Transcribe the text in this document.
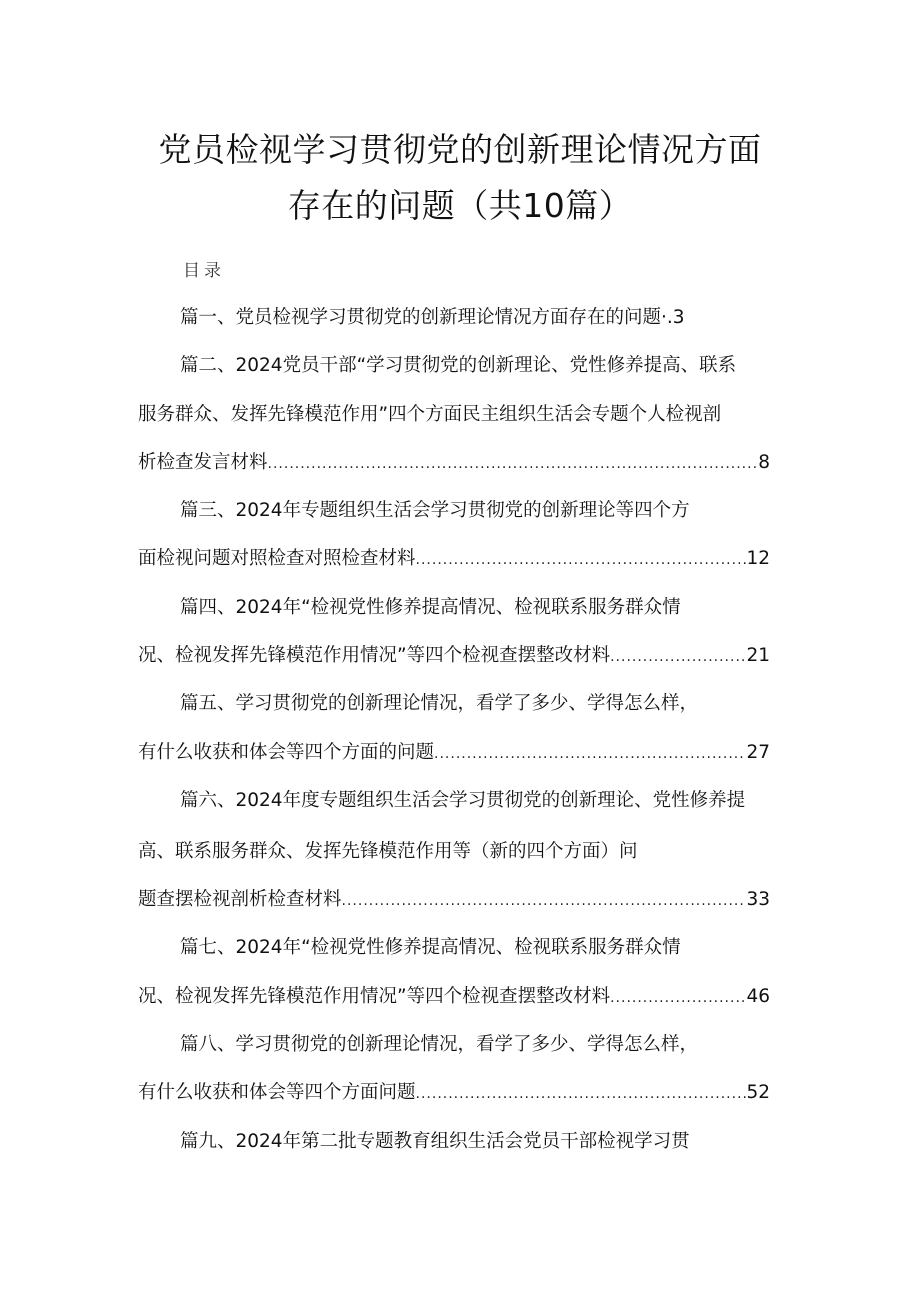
党员检视学习贯彻党的创新理论情况方面
存在的问题（共10篇）
目录
篇一、党员检视学习贯彻党的创新理论情况方面存在的问题·.3
篇二、2024党员干部“学习贯彻党的创新理论、党性修养提高、联系
服务群众、发挥先锋模范作用”四个方面民主组织生活会专题个人检视剖
析检查发言材料 .....	8
篇三、2024年专题组织生活会学习贯彻党的创新理论等四个方
面检视问题对照检查对照检查材料 .....	12
篇四、2024年“检视党性修养提高情况、检视联系服务群众情
况、检视发挥先锋模范作用情况”等四个检视查摆整改材料 .....	21
篇五、学习贯彻党的创新理论情况，看学了多少、学得怎么样，
有什么收获和体会等四个方面的问题 .....	27
篇六、2024年度专题组织生活会学习贯彻党的创新理论、党性修养提
高、联系服务群众、发挥先锋模范作用等（新的四个方面）问
题查摆检视剖析检查材料 .....	33
篇七、2024年“检视党性修养提高情况、检视联系服务群众情
况、检视发挥先锋模范作用情况”等四个检视查摆整改材料 .....	46
篇八、学习贯彻党的创新理论情况，看学了多少、学得怎么样，
有什么收获和体会等四个方面问题 .....	52
篇九、2024年第二批专题教育组织生活会党员干部检视学习贯
